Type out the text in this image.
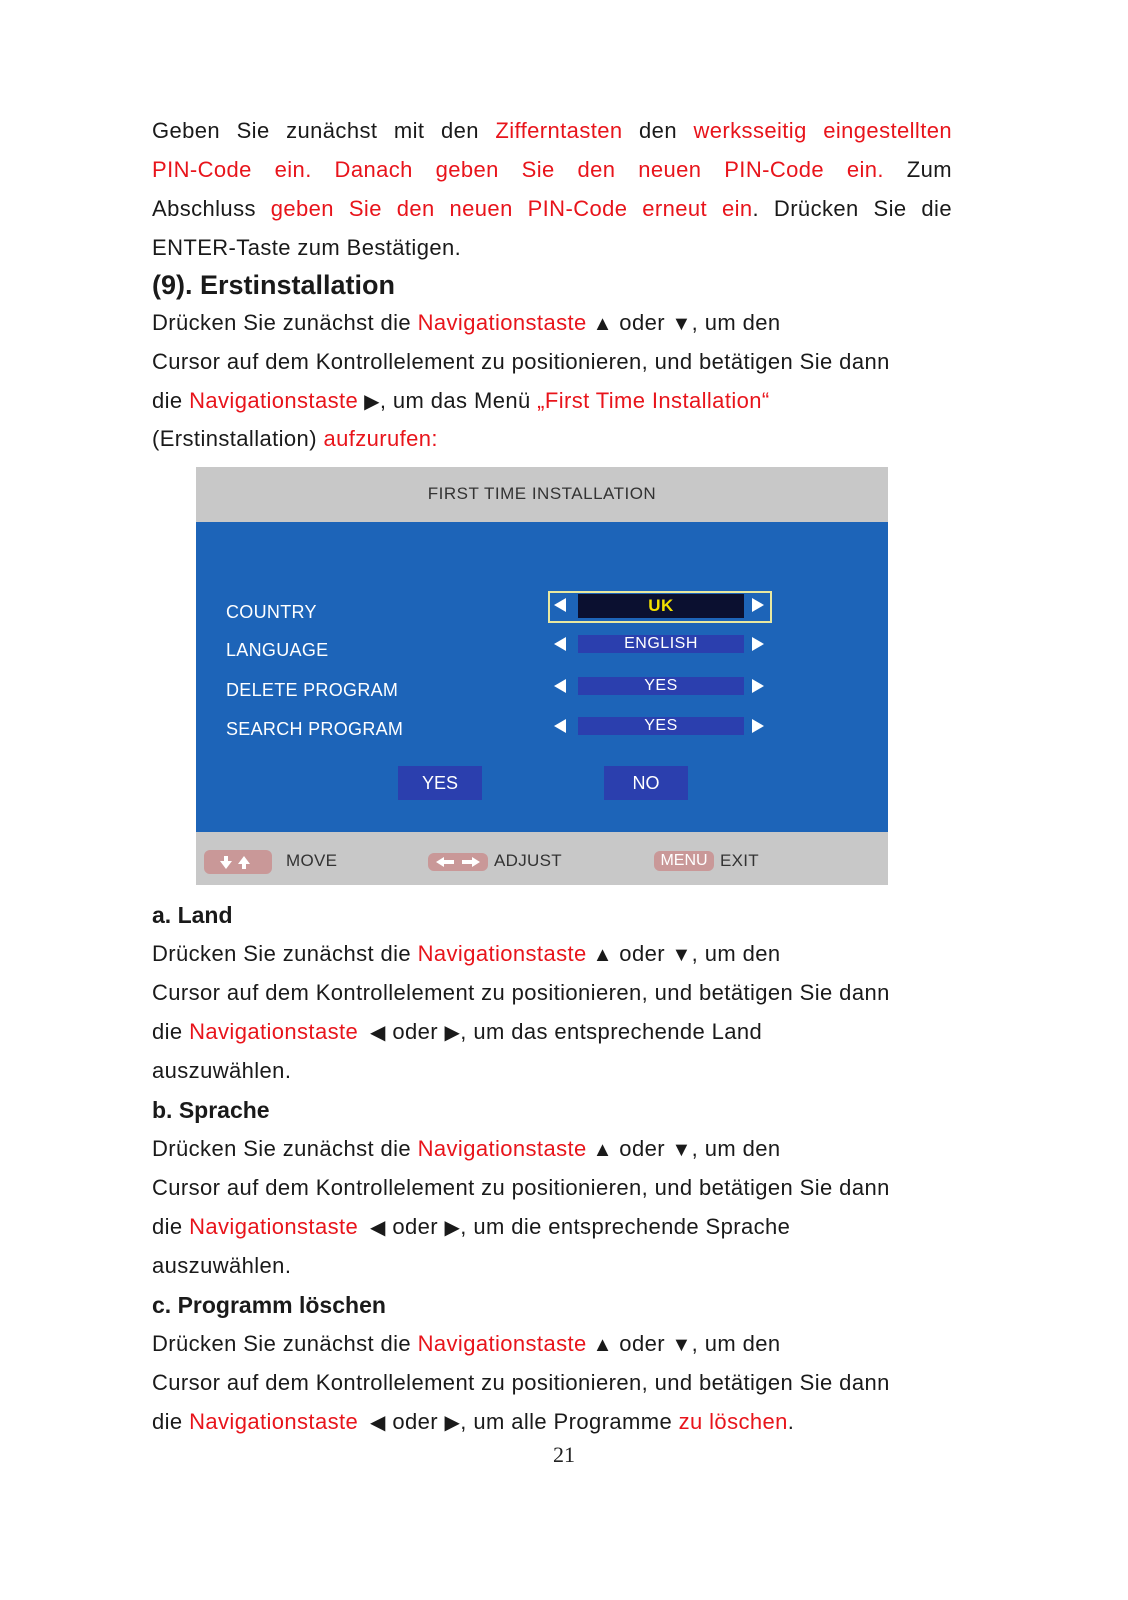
Geben Sie zunächst mit den Zifferntasten den werksseitig eingestellten

PIN-Code ein. Danach geben Sie den neuen PIN-Code ein. Zum

Abschluss geben Sie den neuen PIN-Code erneut ein. Drücken Sie die

ENTER-Taste zum Bestätigen.

(9). Erstinstallation

Drücken Sie zunächst die Navigationstaste ▲ oder ▼, um den

Cursor auf dem Kontrollelement zu positionieren, und betätigen Sie dann

die Navigationstaste ▶, um das Menü „First Time Installation“

(Erstinstallation) aufzurufen:

FIRST TIME INSTALLATION
COUNTRY	UK
LANGUAGE	ENGLISH
DELETE PROGRAM	YES
SEARCH PROGRAM	YES
YES	NO
MOVE	ADJUST	MENU EXIT
a. Land

Drücken Sie zunächst die Navigationstaste ▲ oder ▼, um den

Cursor auf dem Kontrollelement zu positionieren, und betätigen Sie dann

die Navigationstaste  ◀ oder ▶, um das entsprechende Land

auszuwählen.

b. Sprache

Drücken Sie zunächst die Navigationstaste ▲ oder ▼, um den

Cursor auf dem Kontrollelement zu positionieren, und betätigen Sie dann

die Navigationstaste  ◀ oder ▶, um die entsprechende Sprache

auszuwählen.

c. Programm löschen

Drücken Sie zunächst die Navigationstaste ▲ oder ▼, um den

Cursor auf dem Kontrollelement zu positionieren, und betätigen Sie dann

die Navigationstaste  ◀ oder ▶, um alle Programme zu löschen.

21
